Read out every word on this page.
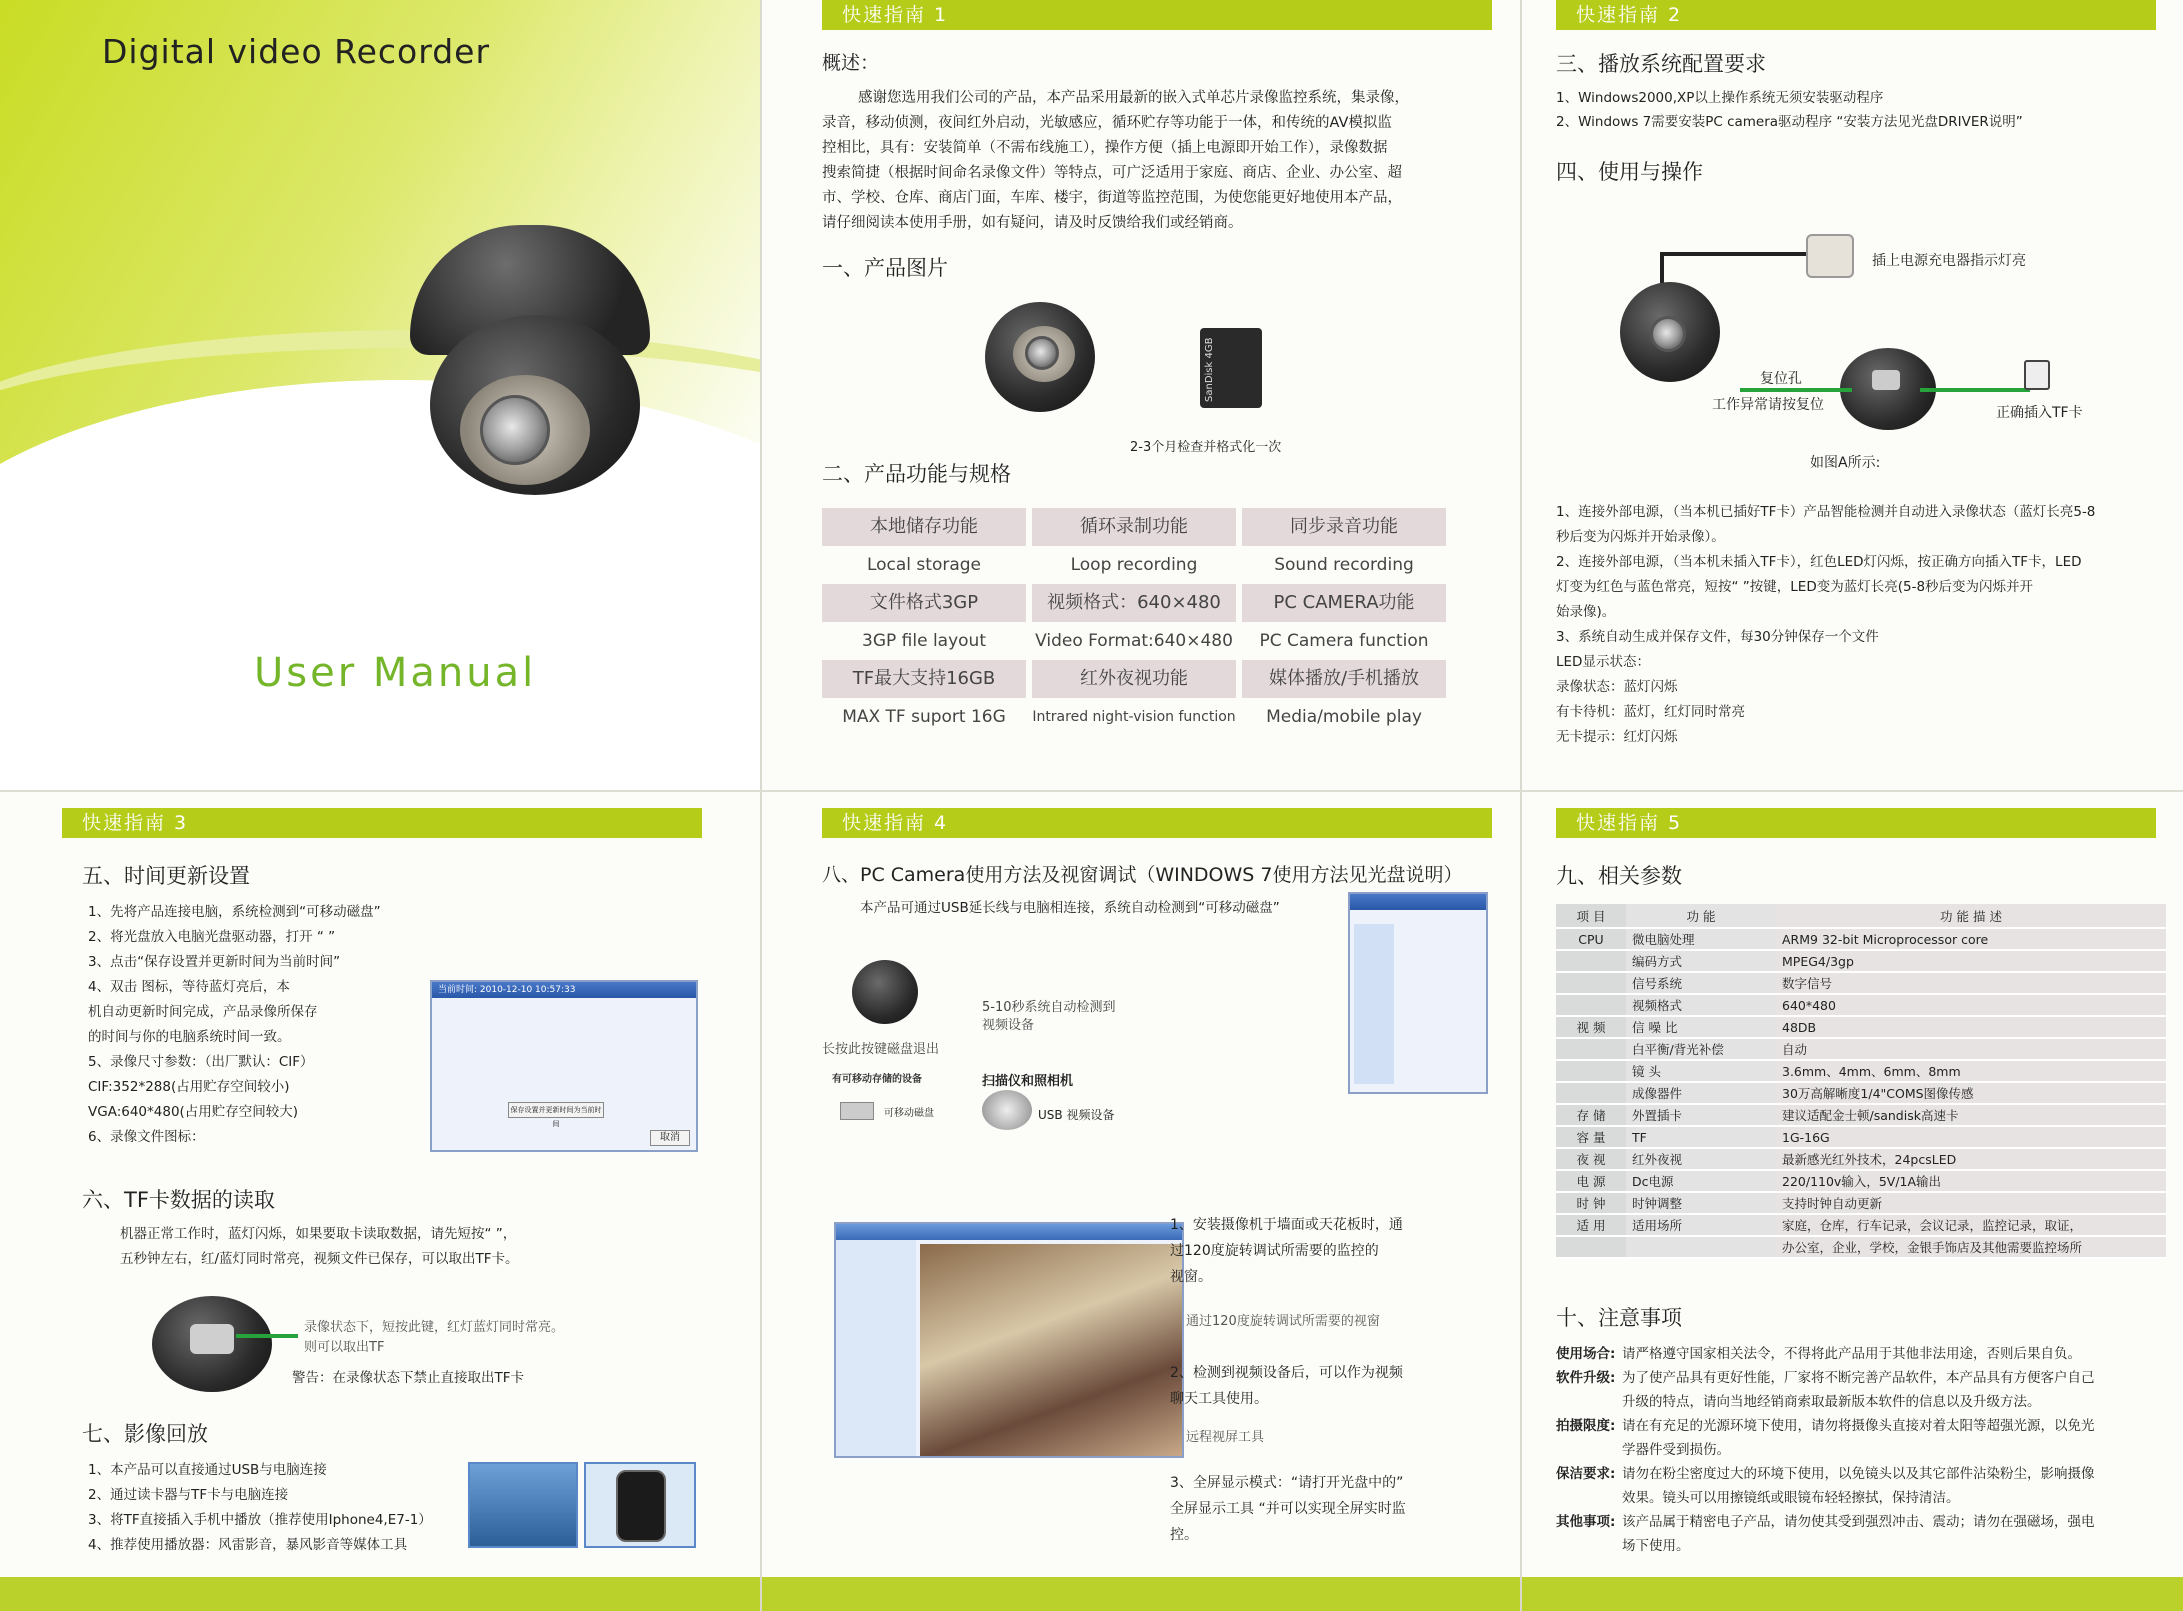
Digital video Recorder
User Manual
快速指南 1
概述：
感谢您选用我们公司的产品，本产品采用最新的嵌入式单芯片录像监控系统，集录像，
录音，移动侦测，夜间红外启动，光敏感应，循环贮存等功能于一体，和传统的AV模拟监
控相比，具有：安装简单（不需布线施工），操作方便（插上电源即开始工作），录像数据
搜索简捷（根据时间命名录像文件）等特点，可广泛适用于家庭、商店、企业、办公室、超
市、学校、仓库、商店门面，车库、楼宇，街道等监控范围，为使您能更好地使用本产品，
请仔细阅读本使用手册，如有疑问，请及时反馈给我们或经销商。
一、产品图片
SanDisk 4GB
2-3个月检查并格式化一次
二、产品功能与规格
本地储存功能	循环录制功能	同步录音功能
Local storage	Loop recording	Sound recording
文件格式3GP	视频格式：640×480	PC CAMERA功能
3GP file layout	Video Format:640×480	PC Camera function
TF最大支持16GB	红外夜视功能	媒体播放/手机播放
MAX TF suport 16G	Intrared night-vision function	Media/mobile play
快速指南 2
三、播放系统配置要求
1、Windows2000,XP以上操作系统无须安装驱动程序
2、Windows 7需要安装PC camera驱动程序 “安装方法见光盘DRIVER说明”
四、使用与操作
插上电源充电器指示灯亮
复位孔
工作异常请按复位	正确插入TF卡
如图A所示:
1、连接外部电源，（当本机已插好TF卡）产品智能检测并自动进入录像状态（蓝灯长亮5-8
秒后变为闪烁并开始录像）。
2、连接外部电源，（当本机未插入TF卡），红色LED灯闪烁，按正确方向插入TF卡，LED
灯变为红色与蓝色常亮，短按“ ”按键，LED变为蓝灯长亮(5-8秒后变为闪烁并开
始录像)。
3、系统自动生成并保存文件，每30分钟保存一个文件
LED显示状态：
录像状态：蓝灯闪烁
有卡待机：蓝灯，红灯同时常亮
无卡提示：红灯闪烁
快速指南 3
五、时间更新设置
1、先将产品连接电脑，系统检测到“可移动磁盘”
2、将光盘放入电脑光盘驱动器，打开 “ ”
3、点击“保存设置并更新时间为当前时间”
4、双击 图标，等待蓝灯亮后，本
机自动更新时间完成，产品录像所保存
的时间与你的电脑系统时间一致。
5、录像尺寸参数：（出厂默认：CIF）
CIF:352*288(占用贮存空间较小)
VGA:640*480(占用贮存空间较大)
6、录像文件图标：
当前时间: 2010-12-10 10:57:33
保存设置并更新时间为当前时间
取消
六、TF卡数据的读取
机器正常工作时，蓝灯闪烁，如果要取卡读取数据，请先短按“ ”，
五秒钟左右，红/蓝灯同时常亮，视频文件已保存，可以取出TF卡。
录像状态下，短按此键，红灯蓝灯同时常亮。
则可以取出TF
警告：在录像状态下禁止直接取出TF卡
七、影像回放
1、本产品可以直接通过USB与电脑连接
2、通过读卡器与TF卡与电脑连接
3、将TF直接插入手机中播放（推荐使用Iphone4,E7-1）
4、推荐使用播放器：风雷影音，暴风影音等媒体工具
快速指南 4
八、PC Camera使用方法及视窗调试（WINDOWS 7使用方法见光盘说明）
本产品可通过USB延长线与电脑相连接，系统自动检测到“可移动磁盘”
5-10秒系统自动检测到
视频设备
长按此按键磁盘退出
有可移动存储的设备	扫描仪和照相机
可移动磁盘	USB 视频设备
1、安装摄像机于墙面或天花板时，通
过120度旋转调试所需要的监控的
视窗。
通过120度旋转调试所需要的视窗
2、检测到视频设备后，可以作为视频
聊天工具使用。
远程视屏工具
3、全屏显示模式：“请打开光盘中的”
全屏显示工具 “并可以实现全屏实时监
控。
快速指南 5
九、相关参数
项 目	功 能	功 能 描 述
CPU	微电脑处理	ARM9 32-bit Microprocessor core
	编码方式	MPEG4/3gp
	信号系统	数字信号
	视频格式	640*480
视 频	信 噪 比	48DB
	白平衡/背光补偿	自动
	镜 头	3.6mm、4mm、6mm、8mm
	成像器件	30万高解晰度1/4"COMS图像传感
存 储	外置插卡	建议适配金士顿/sandisk高速卡
容 量	TF	1G-16G
夜 视	红外夜视	最新感光红外技术，24pcsLED
电 源	Dc电源	220/110v输入，5V/1A输出
时 钟	时钟调整	支持时钟自动更新
适 用	适用场所	家庭，仓库，行车记录，会议记录，监控记录，取证，
		办公室，企业，学校，金银手饰店及其他需要监控场所
十、注意事项
使用场合: 请严格遵守国家相关法令，不得将此产品用于其他非法用途，否则后果自负。
软件升级: 为了使产品具有更好性能，厂家将不断完善产品软件，本产品具有方便客户自己
升级的特点，请向当地经销商索取最新版本软件的信息以及升级方法。
拍摄限度: 请在有充足的光源环境下使用，请勿将摄像头直接对着太阳等超强光源，以免光
学器件受到损伤。
保洁要求: 请勿在粉尘密度过大的环境下使用，以免镜头以及其它部件沾染粉尘，影响摄像
效果。镜头可以用擦镜纸或眼镜布轻轻擦拭，保持清洁。
其他事项: 该产品属于精密电子产品，请勿使其受到强烈冲击、震动；请勿在强磁场，强电
场下使用。
